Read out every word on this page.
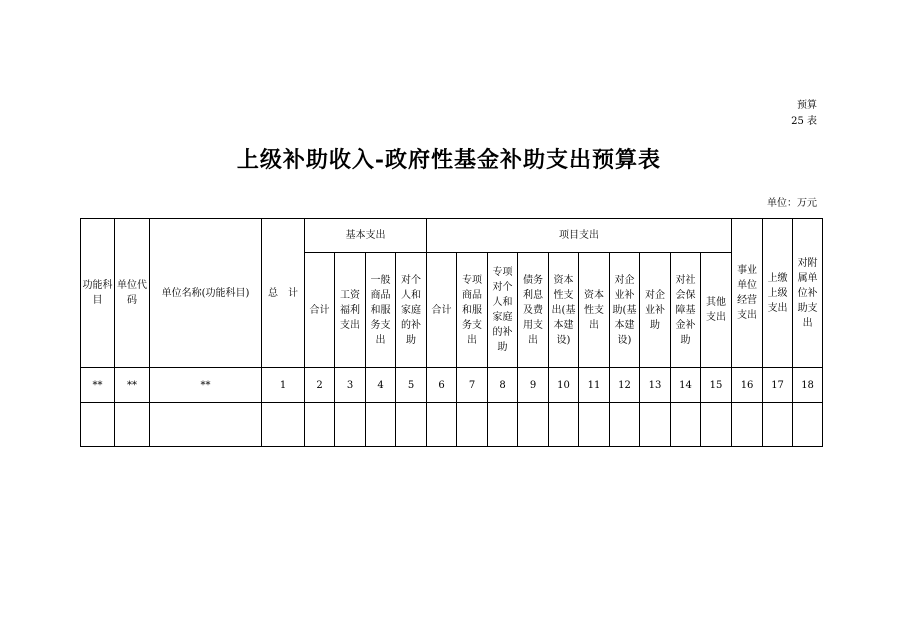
预算
25 表
上级补助收入-政府性基金补助支出预算表
单位：万元
功能科目	单位代码	单位名称(功能科目)	总　计	基本支出				项目支出										事业单位经营支出	上缴上级支出	对附属单位补助支出
				合计	工资福利支出	一般商品和服务支出	对个人和家庭的补助	合计	专项商品和服务支出	专项对个人和家庭的补助	债务利息及费用支出	资本性支出(基本建设)	资本性支出	对企业补助(基本建设)	对企业补助	对社会保障基金补助	其他支出			
**	**	**	1	2	3	4	5	6	7	8	9	10	11	12	13	14	15	16	17	18
